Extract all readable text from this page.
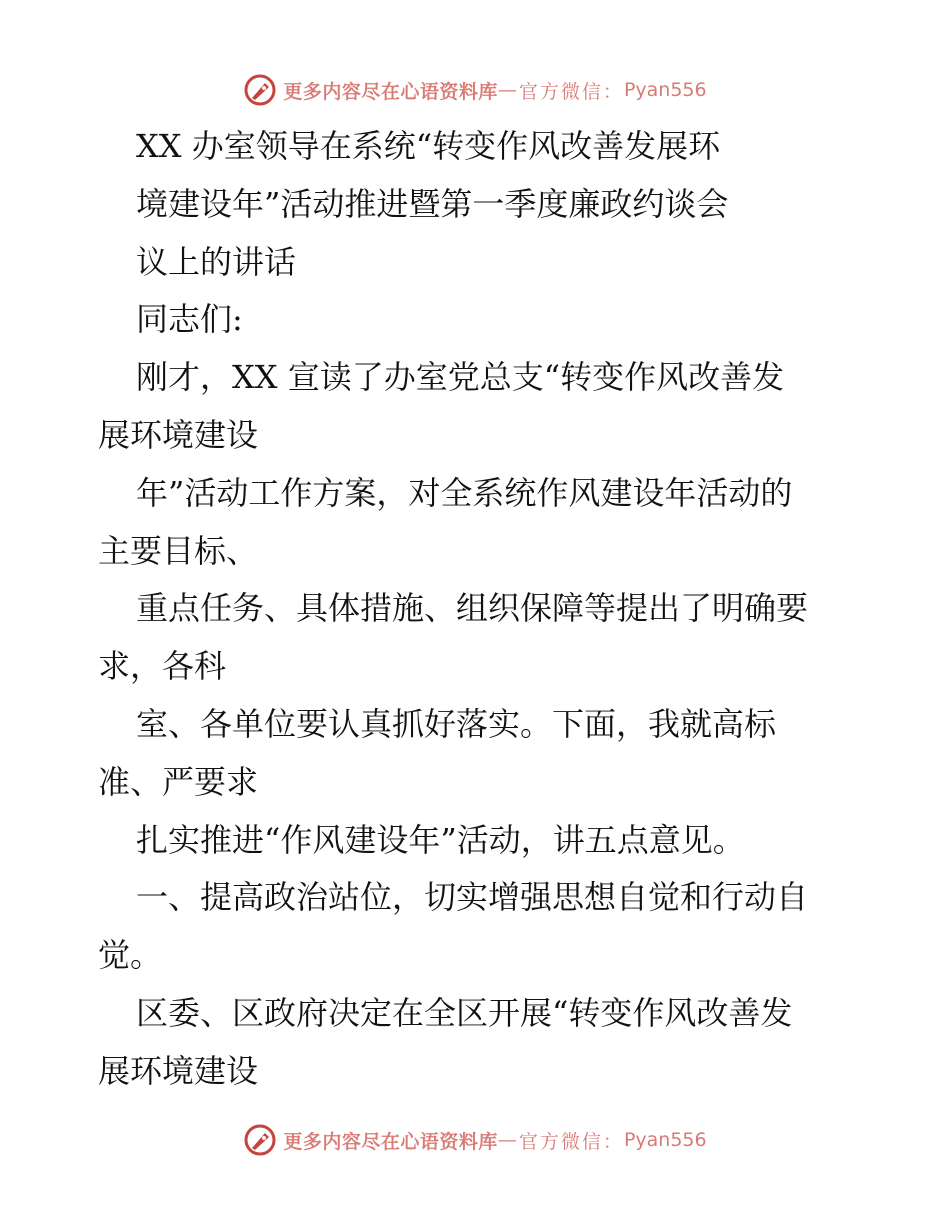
更多内容尽在心语资料库 — 官方微信： Pyan556

XX 办室领导在系统“转变作风改善发展环

境建设年”活动推进暨第一季度廉政约谈会

议上的讲话

同志们:

刚才，XX 宣读了办室党总支“转变作风改善发

展环境建设

年”活动工作方案，对全系统作风建设年活动的

主要目标、

重点任务、具体措施、组织保障等提出了明确要

求，各科

室、各单位要认真抓好落实。下面，我就高标

准、严要求

扎实推进“作风建设年”活动，讲五点意见。

一、提高政治站位，切实增强思想自觉和行动自

觉。

区委、区政府决定在全区开展“转变作风改善发

展环境建设

更多内容尽在心语资料库 — 官方微信： Pyan556
